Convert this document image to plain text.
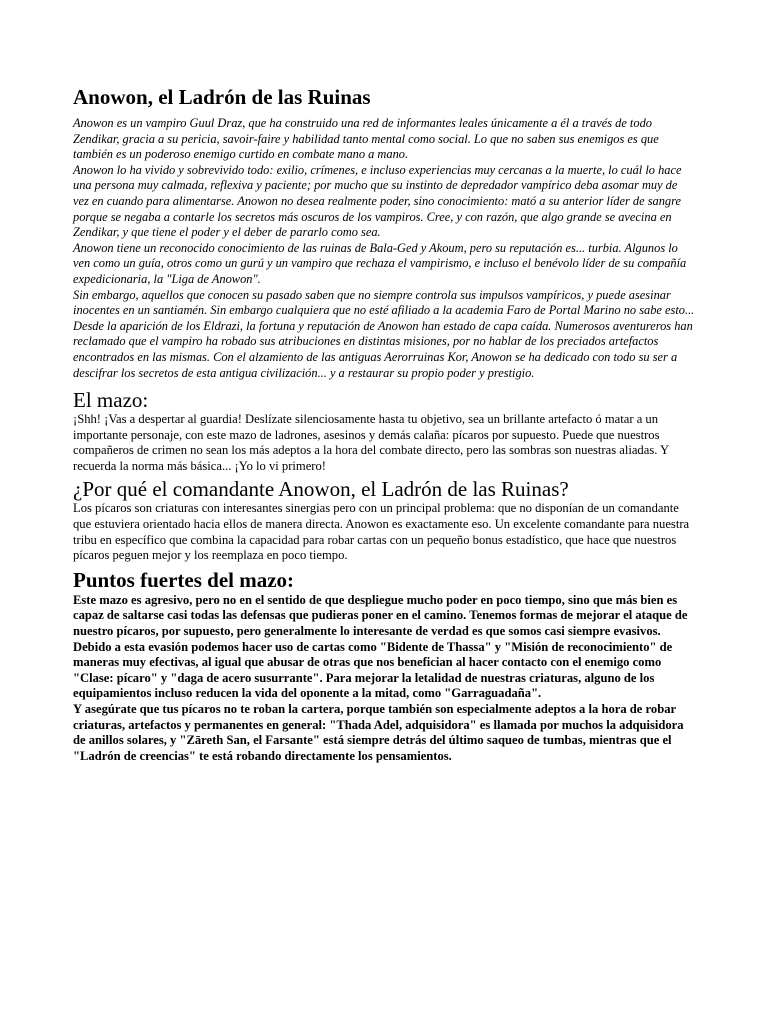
Anowon, el Ladrón de las Ruinas

Anowon es un vampiro Guul Draz, que ha construido una red de informantes leales únicamente a él a través de todo Zendikar, gracia a su pericia, savoir-faire y habilidad tanto mental como social. Lo que no saben sus enemigos es que también es un poderoso enemigo curtido en combate mano a mano.

Anowon lo ha vivido y sobrevivido todo: exilio, crímenes, e incluso experiencias muy cercanas a la muerte, lo cuál lo hace una persona muy calmada, reflexiva y paciente; por mucho que su instinto de depredador vampírico deba asomar muy de vez en cuando para alimentarse. Anowon no desea realmente poder, sino conocimiento: mató a su anterior líder de sangre porque se negaba a contarle los secretos más oscuros de los vampiros. Cree, y con razón, que algo grande se avecina en Zendikar, y que tiene el poder y el deber de pararlo como sea.

Anowon tiene un reconocido conocimiento de las ruinas de Bala-Ged y Akoum, pero su reputación es... turbia. Algunos lo ven como un guía, otros como un gurú y un vampiro que rechaza el vampirismo, e incluso el benévolo líder de su compañía expedicionaria, la "Liga de Anowon".

Sin embargo, aquellos que conocen su pasado saben que no siempre controla sus impulsos vampíricos, y puede asesinar inocentes en un santiamén. Sin embargo cualquiera que no esté afiliado a la academia Faro de Portal Marino no sabe esto...

Desde la aparición de los Eldrazi, la fortuna y reputación de Anowon han estado de capa caída. Numerosos aventureros han reclamado que el vampiro ha robado sus atribuciones en distintas misiones, por no hablar de los preciados artefactos encontrados en las mismas. Con el alzamiento de las antiguas Aerorruinas Kor, Anowon se ha dedicado con todo su ser a descifrar los secretos de esta antigua civilización... y a restaurar su propio poder y prestigio.

El mazo:

¡Shh! ¡Vas a despertar al guardia! Deslízate silenciosamente hasta tu objetivo, sea un brillante artefacto ó matar a un importante personaje, con este mazo de ladrones, asesinos y demás calaña: pícaros por supuesto. Puede que nuestros compañeros de crimen no sean los más adeptos a la hora del combate directo, pero las sombras son nuestras aliadas. Y recuerda la norma más básica... ¡Yo lo vi primero!

¿Por qué el comandante Anowon, el Ladrón de las Ruinas?

Los pícaros son criaturas con interesantes sinergias pero con un principal problema: que no disponían de un comandante que estuviera orientado hacia ellos de manera directa. Anowon es exactamente eso. Un excelente comandante para nuestra tribu en específico que combina la capacidad para robar cartas con un pequeño bonus estadístico, que hace que nuestros pícaros peguen mejor y los reemplaza en poco tiempo.

Puntos fuertes del mazo:

Este mazo es agresivo, pero no en el sentido de que despliegue mucho poder en poco tiempo, sino que más bien es capaz de saltarse casi todas las defensas que pudieras poner en el camino. Tenemos formas de mejorar el ataque de nuestro pícaros, por supuesto, pero generalmente lo interesante de verdad es que somos casi siempre evasivos. Debido a esta evasión podemos hacer uso de cartas como "Bidente de Thassa" y "Misión de reconocimiento" de maneras muy efectivas, al igual que abusar de otras que nos benefician al hacer contacto con el enemigo como "Clase: pícaro" y "daga de acero susurrante". Para mejorar la letalidad de nuestras criaturas, alguno de los equipamientos incluso reducen la vida del oponente a la mitad, como "Garraguadaña".

Y asegúrate que tus pícaros no te roban la cartera, porque también son especialmente adeptos a la hora de robar criaturas, artefactos y permanentes en general: "Thada Adel, adquisidora" es llamada por muchos la adquisidora de anillos solares, y "Zāreth San, el Farsante" está siempre detrás del último saqueo de tumbas, mientras que el "Ladrón de creencias" te está robando directamente los pensamientos.
